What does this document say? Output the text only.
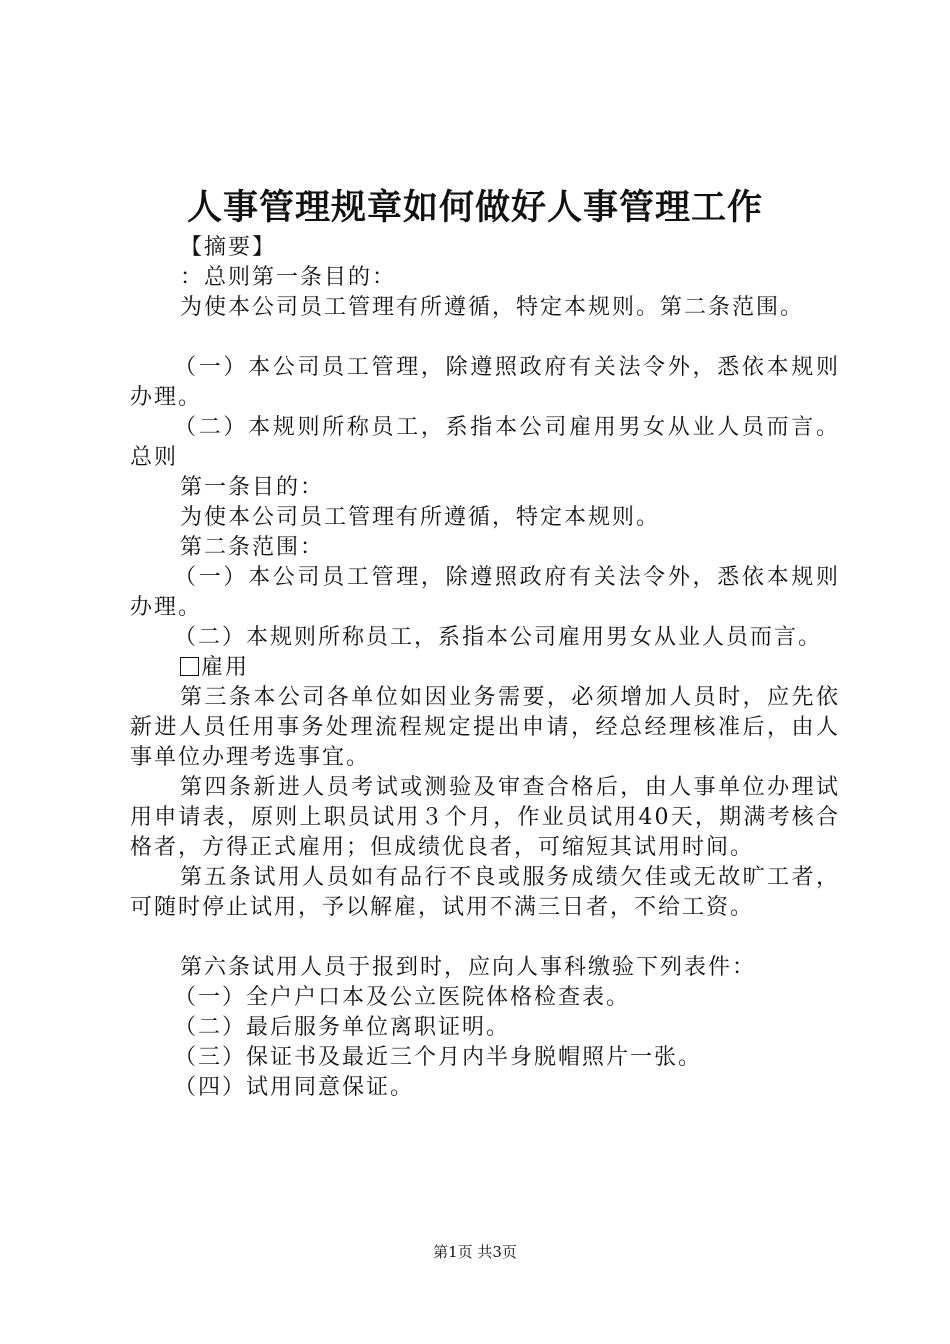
人事管理规章如何做好人事管理工作

【摘要】

：总则第一条目的：

为使本公司员工管理有所遵循，特定本规则。第二条范围。

（一）本公司员工管理，除遵照政府有关法令外，悉依本规则办理。

（二）本规则所称员工，系指本公司雇用男女从业人员而言。总则

第一条目的：

为使本公司员工管理有所遵循，特定本规则。

第二条范围：

（一）本公司员工管理，除遵照政府有关法令外，悉依本规则办理。

（二）本规则所称员工，系指本公司雇用男女从业人员而言。

雇用

第三条本公司各单位如因业务需要，必须增加人员时，应先依新进人员任用事务处理流程规定提出申请，经总经理核准后，由人事单位办理考选事宜。

第四条新进人员考试或测验及审查合格后，由人事单位办理试用申请表，原则上职员试用３个月，作业员试用40天，期满考核合格者，方得正式雇用；但成绩优良者，可缩短其试用时间。

第五条试用人员如有品行不良或服务成绩欠佳或无故旷工者，可随时停止试用，予以解雇，试用不满三日者，不给工资。

第六条试用人员于报到时，应向人事科缴验下列表件：

（一）全户户口本及公立医院体格检查表。

（二）最后服务单位离职证明。

（三）保证书及最近三个月内半身脱帽照片一张。

（四）试用同意保证。

第1页 共3页
